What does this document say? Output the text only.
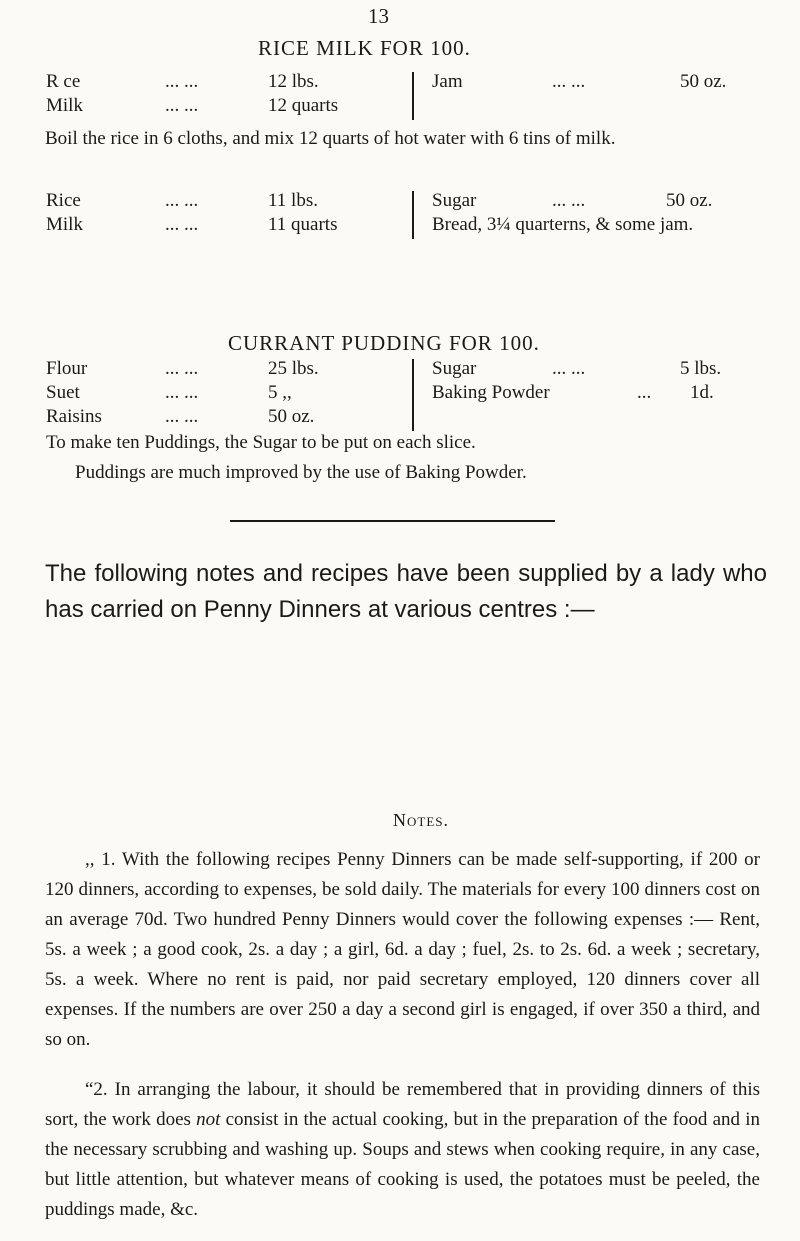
13
RICE MILK FOR 100.
R ce	... ...	12 lbs.
Milk	... ...	12 quarts
Jam	... ...	50 oz.

Boil the rice in 6 cloths, and mix 12 quarts of hot water with 6 tins of milk.

Rice	... ...	11 lbs.
Milk	... ...	11 quarts
Sugar	... ...	50 oz.
Bread, 3¼ quarterns, & some jam.
CURRANT PUDDING FOR 100.
Flour	... ...	25 lbs.
Suet	... ...	5 ,,
Raisins	... ...	50 oz.
Sugar	... ...	5 lbs.
Baking Powder	... 1d.
To make ten Puddings, the Sugar to be put on each slice.
Puddings are much improved by the use of Baking Powder.
The following notes and recipes have been supplied by a lady who has carried on Penny Dinners at various centres :—
Notes.

,, 1. With the following recipes Penny Dinners can be made self-supporting, if 200 or 120 dinners, according to expenses, be sold daily. The materials for every 100 dinners cost on an average 70d. Two hundred Penny Dinners would cover the following expenses :— Rent, 5s. a week ; a good cook, 2s. a day ; a girl, 6d. a day ; fuel, 2s. to 2s. 6d. a week ; secretary, 5s. a week. Where no rent is paid, nor paid secretary employed, 120 dinners cover all expenses. If the numbers are over 250 a day a second girl is engaged, if over 350 a third, and so on.

“2. In arranging the labour, it should be remembered that in providing dinners of this sort, the work does not consist in the actual cooking, but in the preparation of the food and in the necessary scrubbing and washing up. Soups and stews when cooking require, in any case, but little attention, but whatever means of cooking is used, the potatoes must be peeled, the puddings made, &c.
